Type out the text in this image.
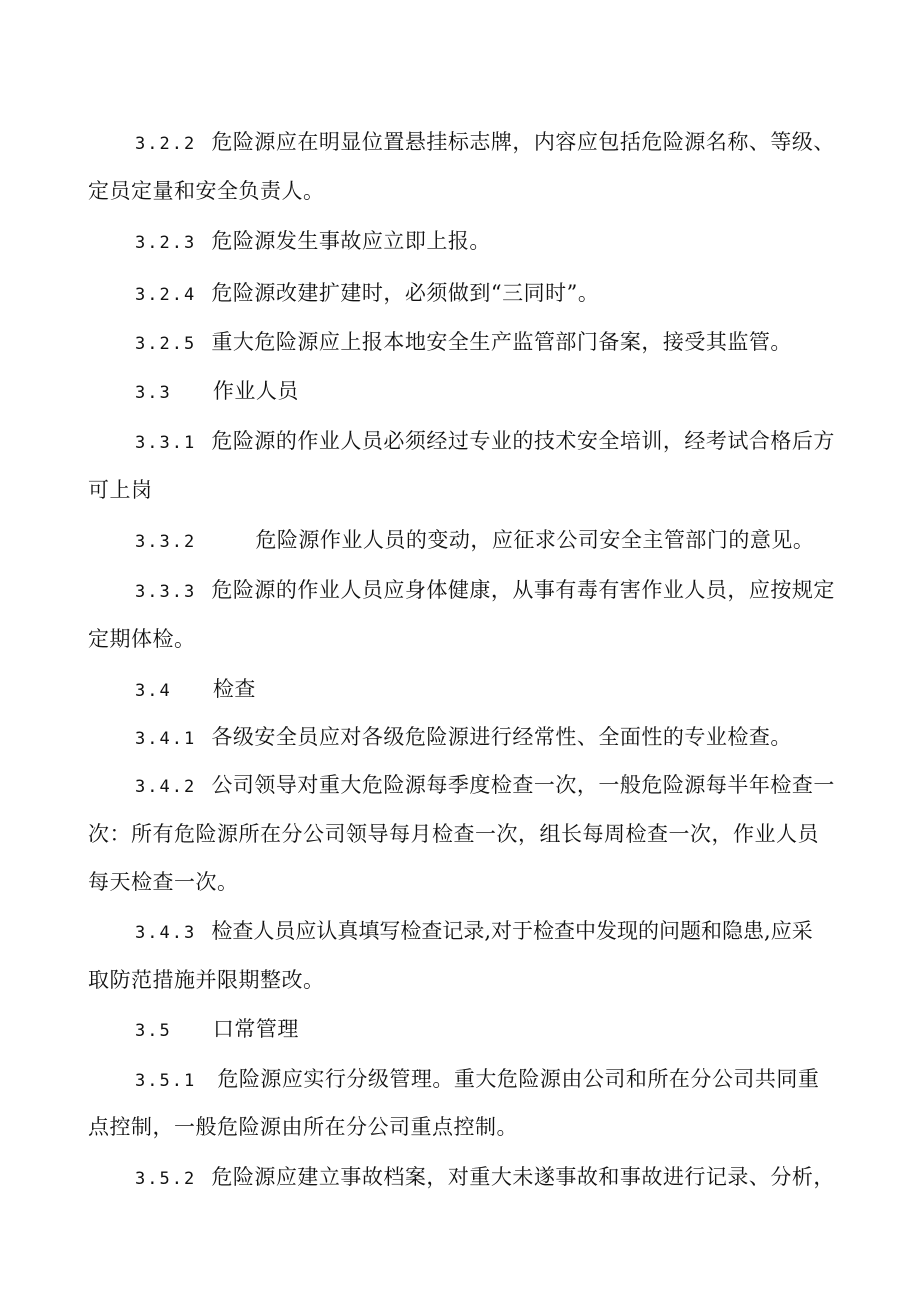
3.2.2 危险源应在明显位置悬挂标志牌，内容应包括危险源名称、等级、
定员定量和安全负责人。
3.2.3 危险源发生事故应立即上报。
3.2.4 危险源改建扩建时，必须做到“三同时”。
3.2.5 重大危险源应上报本地安全生产监管部门备案，接受其监管。
3.3 作业人员
3.3.1 危险源的作业人员必须经过专业的技术安全培训，经考试合格后方
可上岗
3.3.2	危险源作业人员的变动，应征求公司安全主管部门的意见。
3.3.3 危险源的作业人员应身体健康，从事有毒有害作业人员，应按规定
定期体检。
3.4 检查
3.4.1 各级安全员应对各级危险源进行经常性、全面性的专业检查。
3.4.2 公司领导对重大危险源每季度检查一次，一般危险源每半年检查一
次：所有危险源所在分公司领导每月检查一次，组长每周检查一次，作业人员
每天检查一次。
3.4.3 检查人员应认真填写检查记录,对于检查中发现的问题和隐患,应采
取防范措施并限期整改。
3.5 口常管理
3.5.1 危险源应实行分级管理。重大危险源由公司和所在分公司共同重
点控制，一般危险源由所在分公司重点控制。
3.5.2 危险源应建立事故档案，对重大未遂事故和事故进行记录、分析，
